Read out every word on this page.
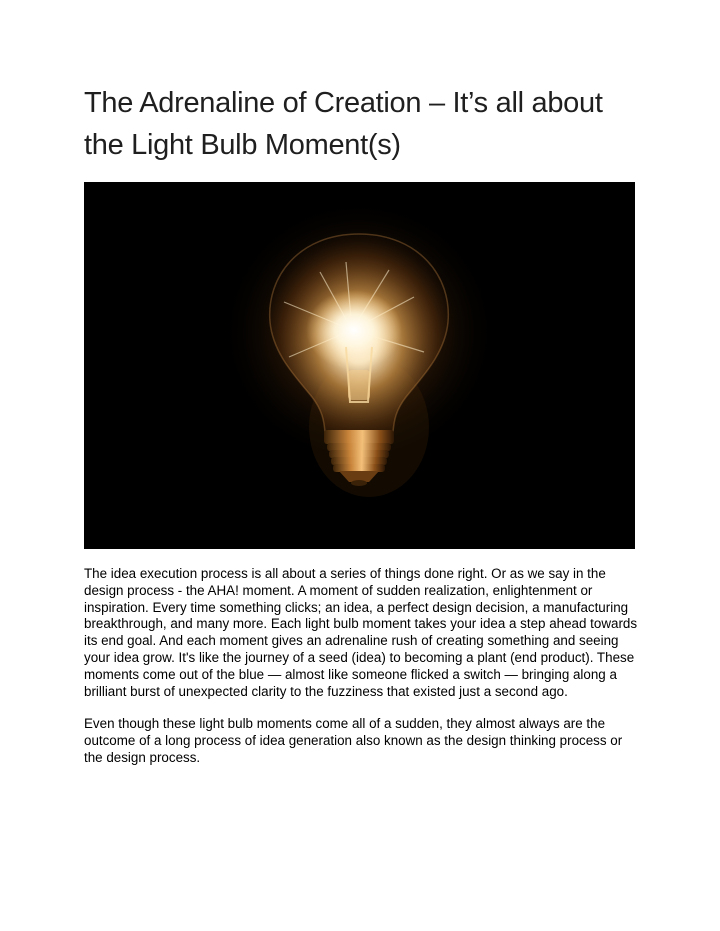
The Adrenaline of Creation – It’s all about the Light Bulb Moment(s)

The idea execution process is all about a series of things done right. Or as we say in the design process - the AHA! moment. A moment of sudden realization, enlightenment or inspiration. Every time something clicks; an idea, a perfect design decision, a manufacturing breakthrough, and many more. Each light bulb moment takes your idea a step ahead towards its end goal. And each moment gives an adrenaline rush of creating something and seeing your idea grow. It's like the journey of a seed (idea) to becoming a plant (end product). These moments come out of the blue — almost like someone flicked a switch — bringing along a brilliant burst of unexpected clarity to the fuzziness that existed just a second ago.

Even though these light bulb moments come all of a sudden, they almost always are the outcome of a long process of idea generation also known as the design thinking process or the design process.
